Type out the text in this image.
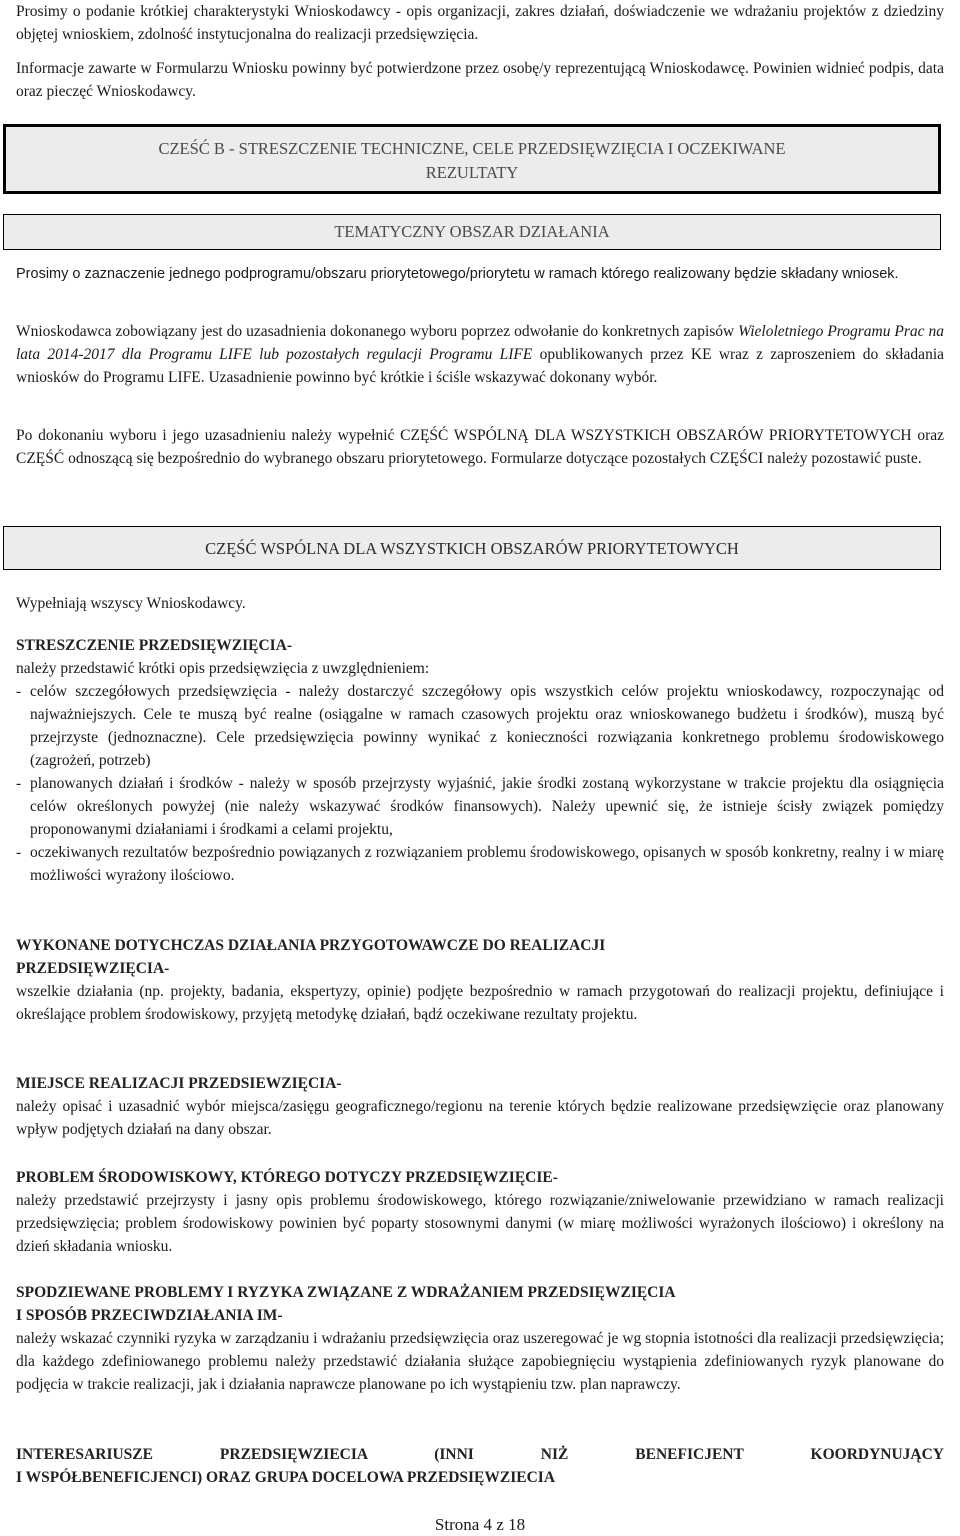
Prosimy o podanie krótkiej charakterystyki Wnioskodawcy - opis organizacji, zakres działań, doświadczenie we wdrażaniu projektów z dziedziny objętej wnioskiem, zdolność instytucjonalna do realizacji przedsięwzięcia.

Informacje zawarte w Formularzu Wniosku powinny być potwierdzone przez osobę/y reprezentującą Wnioskodawcę. Powinien widnieć podpis, data oraz pieczęć Wnioskodawcy.

CZEŚĆ B - STRESZCZENIE TECHNICZNE, CELE PRZEDSIĘWZIĘCIA I OCZEKIWANE
REZULTATY
TEMATYCZNY OBSZAR DZIAŁANIA

Prosimy o zaznaczenie jednego podprogramu/obszaru priorytetowego/priorytetu w ramach którego realizowany będzie składany wniosek.

Wnioskodawca zobowiązany jest do uzasadnienia dokonanego wyboru poprzez odwołanie do konkretnych zapisów Wieloletniego Programu Prac na lata 2014-2017 dla Programu LIFE lub pozostałych regulacji Programu LIFE opublikowanych przez KE wraz z zaproszeniem do składania wniosków do Programu LIFE. Uzasadnienie powinno być krótkie i ściśle wskazywać dokonany wybór.

Po dokonaniu wyboru i jego uzasadnieniu należy wypełnić CZĘŚĆ WSPÓLNĄ DLA WSZYSTKICH OBSZARÓW PRIORYTETOWYCH oraz CZĘŚĆ odnoszącą się bezpośrednio do wybranego obszaru priorytetowego. Formularze dotyczące pozostałych CZĘŚCI należy pozostawić puste.

CZĘŚĆ WSPÓLNA DLA WSZYSTKICH OBSZARÓW PRIORYTETOWYCH

Wypełniają wszyscy Wnioskodawcy.

STRESZCZENIE PRZEDSIĘWZIĘCIA-
należy przedstawić krótki opis przedsięwzięcia z uwzględnieniem:
- celów szczegółowych przedsięwzięcia - należy dostarczyć szczegółowy opis wszystkich celów projektu wnioskodawcy, rozpoczynając od najważniejszych. Cele te muszą być realne (osiągalne w ramach czasowych projektu oraz wnioskowanego budżetu i środków), muszą być przejrzyste (jednoznaczne). Cele przedsięwzięcia powinny wynikać z konieczności rozwiązania konkretnego problemu środowiskowego (zagrożeń, potrzeb)
- planowanych działań i środków - należy w sposób przejrzysty wyjaśnić, jakie środki zostaną wykorzystane w trakcie projektu dla osiągnięcia celów określonych powyżej (nie należy wskazywać środków finansowych). Należy upewnić się, że istnieje ścisły związek pomiędzy proponowanymi działaniami i środkami a celami projektu,
- oczekiwanych rezultatów bezpośrednio powiązanych z rozwiązaniem problemu środowiskowego, opisanych w sposób konkretny, realny i w miarę możliwości wyrażony ilościowo.
WYKONANE DOTYCHCZAS DZIAŁANIA PRZYGOTOWAWCZE DO REALIZACJI
PRZEDSIĘWZIĘCIA-

wszelkie działania (np. projekty, badania, ekspertyzy, opinie) podjęte bezpośrednio w ramach przygotowań do realizacji projektu, definiujące i określające problem środowiskowy, przyjętą metodykę działań, bądź oczekiwane rezultaty projektu.

MIEJSCE REALIZACJI PRZEDSIEWZIĘCIA-

należy opisać i uzasadnić wybór miejsca/zasięgu geograficznego/regionu na terenie których będzie realizowane przedsięwzięcie oraz planowany wpływ podjętych działań na dany obszar.

PROBLEM ŚRODOWISKOWY, KTÓREGO DOTYCZY PRZEDSIĘWZIĘCIE-

należy przedstawić przejrzysty i jasny opis problemu środowiskowego, którego rozwiązanie/zniwelowanie przewidziano w ramach realizacji przedsięwzięcia; problem środowiskowy powinien być poparty stosownymi danymi (w miarę możliwości wyrażonych ilościowo) i określony na dzień składania wniosku.

SPODZIEWANE PROBLEMY I RYZYKA ZWIĄZANE Z WDRAŻANIEM PRZEDSIĘWZIĘCIA
I SPOSÓB PRZECIWDZIAŁANIA IM-

należy wskazać czynniki ryzyka w zarządzaniu i wdrażaniu przedsięwzięcia oraz uszeregować je wg stopnia istotności dla realizacji przedsięwzięcia; dla każdego zdefiniowanego problemu należy przedstawić działania służące zapobiegnięciu wystąpienia zdefiniowanych ryzyk planowane do podjęcia w trakcie realizacji, jak i działania naprawcze planowane po ich wystąpieniu tzw. plan naprawczy.

INTERESARIUSZE PRZEDSIĘWZIECIA (INNI NIŻ BENEFICJENT KOORDYNUJĄCY
I WSPÓŁBENEFICJENCI) ORAZ GRUPA DOCELOWA PRZEDSIĘWZIECIA
Strona 4 z 18
